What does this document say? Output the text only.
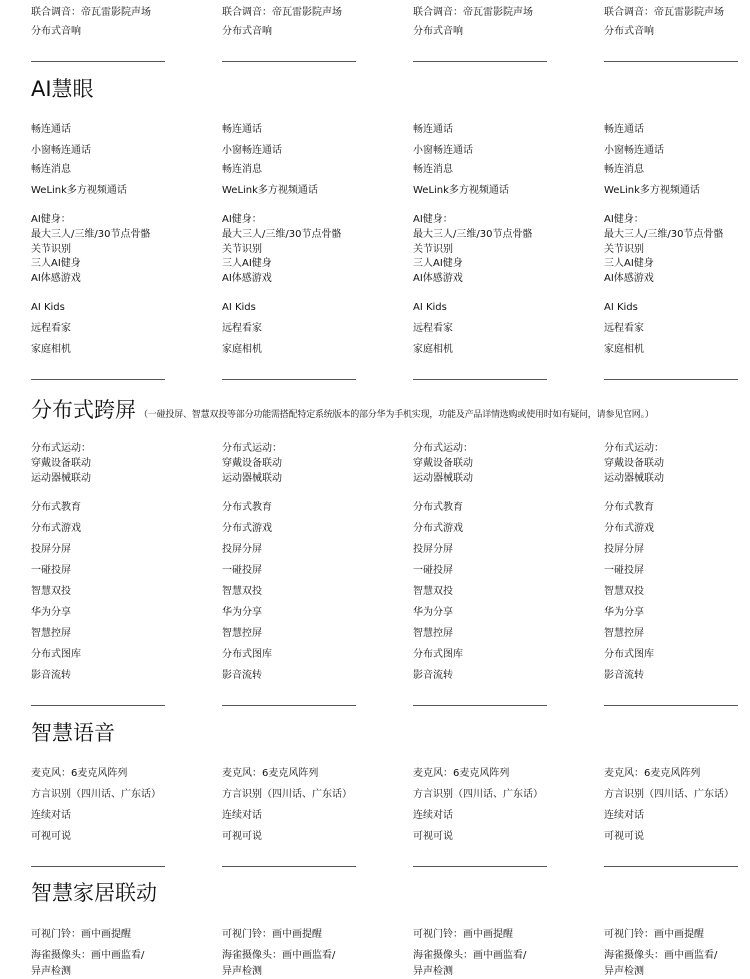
联合调音：帝瓦雷影院声场
分布式音响
联合调音：帝瓦雷影院声场
分布式音响
联合调音：帝瓦雷影院声场
分布式音响
联合调音：帝瓦雷影院声场
分布式音响
AI慧眼
畅连通话
小窗畅连通话
畅连消息
WeLink多方视频通话
AI健身：
最大三人/三维/30节点骨骼
关节识别
三人AI健身
AI体感游戏
AI Kids
远程看家
家庭相机
畅连通话
小窗畅连通话
畅连消息
WeLink多方视频通话
AI健身：
最大三人/三维/30节点骨骼
关节识别
三人AI健身
AI体感游戏
AI Kids
远程看家
家庭相机
畅连通话
小窗畅连通话
畅连消息
WeLink多方视频通话
AI健身：
最大三人/三维/30节点骨骼
关节识别
三人AI健身
AI体感游戏
AI Kids
远程看家
家庭相机
畅连通话
小窗畅连通话
畅连消息
WeLink多方视频通话
AI健身：
最大三人/三维/30节点骨骼
关节识别
三人AI健身
AI体感游戏
AI Kids
远程看家
家庭相机
分布式跨屏 （一碰投屏、智慧双投等部分功能需搭配特定系统版本的部分华为手机实现，功能及产品详情选购或使用时如有疑问，请参见官网。）
分布式运动：
穿戴设备联动
运动器械联动
分布式教育
分布式游戏
投屏分屏
一碰投屏
智慧双投
华为分享
智慧控屏
分布式图库
影音流转
分布式运动：
穿戴设备联动
运动器械联动
分布式教育
分布式游戏
投屏分屏
一碰投屏
智慧双投
华为分享
智慧控屏
分布式图库
影音流转
分布式运动：
穿戴设备联动
运动器械联动
分布式教育
分布式游戏
投屏分屏
一碰投屏
智慧双投
华为分享
智慧控屏
分布式图库
影音流转
分布式运动：
穿戴设备联动
运动器械联动
分布式教育
分布式游戏
投屏分屏
一碰投屏
智慧双投
华为分享
智慧控屏
分布式图库
影音流转
智慧语音
麦克风：6麦克风阵列
方言识别（四川话、广东话）
连续对话
可视可说
麦克风：6麦克风阵列
方言识别（四川话、广东话）
连续对话
可视可说
麦克风：6麦克风阵列
方言识别（四川话、广东话）
连续对话
可视可说
麦克风：6麦克风阵列
方言识别（四川话、广东话）
连续对话
可视可说
智慧家居联动
可视门铃：画中画提醒
海雀摄像头：画中画监看/
异声检测
可视门铃：画中画提醒
海雀摄像头：画中画监看/
异声检测
可视门铃：画中画提醒
海雀摄像头：画中画监看/
异声检测
可视门铃：画中画提醒
海雀摄像头：画中画监看/
异声检测
